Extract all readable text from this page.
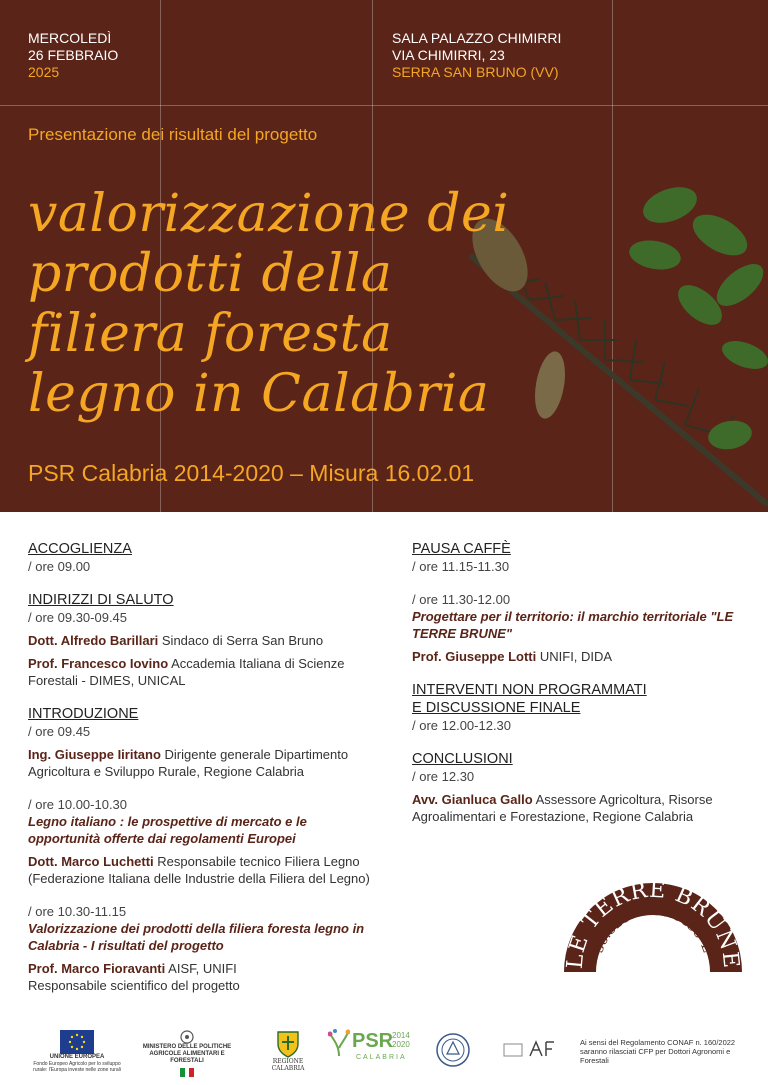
MERCOLEDÌ
26 FEBBRAIO
2025
SALA PALAZZO CHIMIRRI
VIA CHIMIRRI, 23
SERRA SAN BRUNO (VV)
Presentazione dei risultati del progetto
valorizzazione dei
prodotti della
filiera foresta
legno in Calabria
PSR Calabria 2014-2020 – Misura 16.02.01
ACCOGLIENZA
/ ore 09.00
INDIRIZZI DI SALUTO
/ ore 09.30-09.45
Dott. Alfredo Barillari Sindaco di Serra San Bruno
Prof. Francesco Iovino Accademia Italiana di Scienze Forestali - DIMES, UNICAL
INTRODUZIONE
/ ore 09.45
Ing. Giuseppe Iiritano Dirigente generale Dipartimento Agricoltura e Sviluppo Rurale, Regione Calabria
/ ore 10.00-10.30
Legno italiano : le prospettive di mercato e le opportunità offerte dai regolamenti Europei
Dott. Marco Luchetti Responsabile tecnico Filiera Legno (Federazione Italiana delle Industrie della Filiera del Legno)
/ ore 10.30-11.15
Valorizzazione dei prodotti della filiera foresta legno in Calabria - I risultati del progetto
Prof. Marco Fioravanti AISF, UNIFI
Responsabile scientifico del progetto
PAUSA CAFFÈ
/ ore 11.15-11.30
/ ore 11.30-12.00
Progettare per il territorio: il marchio territoriale "LE TERRE BRUNE"
Prof. Giuseppe Lotti UNIFI, DIDA
INTERVENTI NON PROGRAMMATI
E DISCUSSIONE FINALE
/ ore 12.00-12.30
CONCLUSIONI
/ ore 12.30
Avv. Gianluca Gallo Assessore Agricoltura, Risorse Agroalimentari e Forestazione, Regione Calabria
LE TERRE BRUNE
38.528°N 16.3458°E
UNIONE EUROPEA
Fondo Europeo Agricolo per lo sviluppo rurale: l'Europa investe nelle zone rurali
MINISTERO DELLE POLITICHE AGRICOLE ALIMENTARI E FORESTALI	REGIONE CALABRIA
PSR
2014 2020
CALABRIA
Ai sensi del Regolamento CONAF n. 160/2022 saranno rilasciati CFP per Dottori Agronomi e Forestali
